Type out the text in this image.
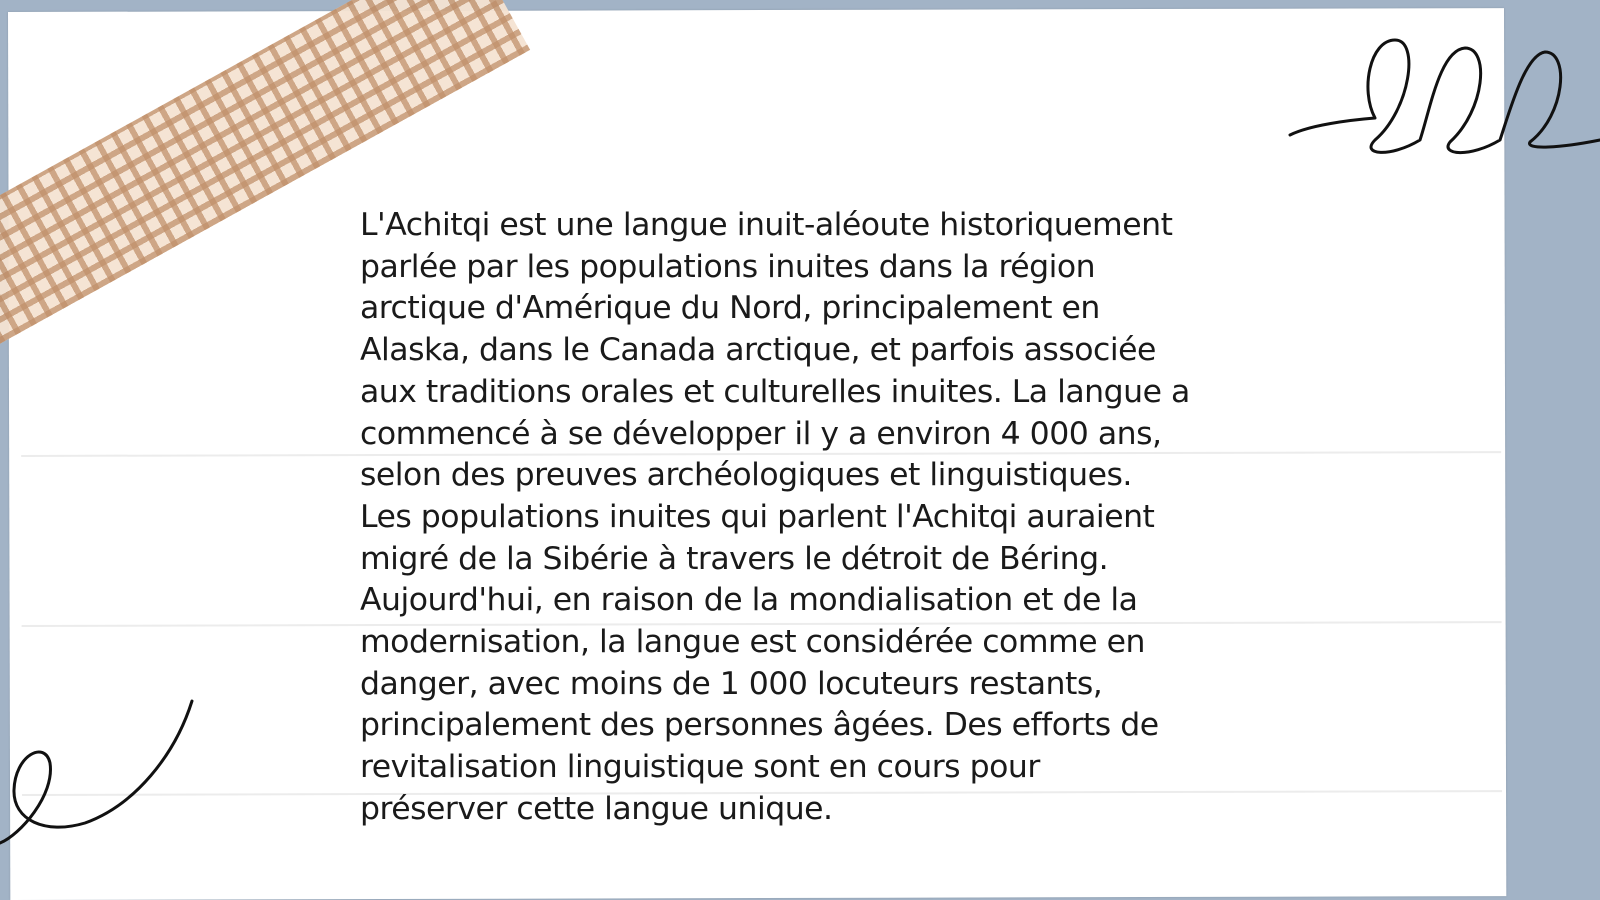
L'Achitqi est une langue inuit-aléoute historiquement
parlée par les populations inuites dans la région
arctique d'Amérique du Nord, principalement en
Alaska, dans le Canada arctique, et parfois associée
aux traditions orales et culturelles inuites. La langue a
commencé à se développer il y a environ 4 000 ans,
selon des preuves archéologiques et linguistiques.
Les populations inuites qui parlent l'Achitqi auraient
migré de la Sibérie à travers le détroit de Béring.
Aujourd'hui, en raison de la mondialisation et de la
modernisation, la langue est considérée comme en
danger, avec moins de 1 000 locuteurs restants,
principalement des personnes âgées. Des efforts de
revitalisation linguistique sont en cours pour
préserver cette langue unique.
